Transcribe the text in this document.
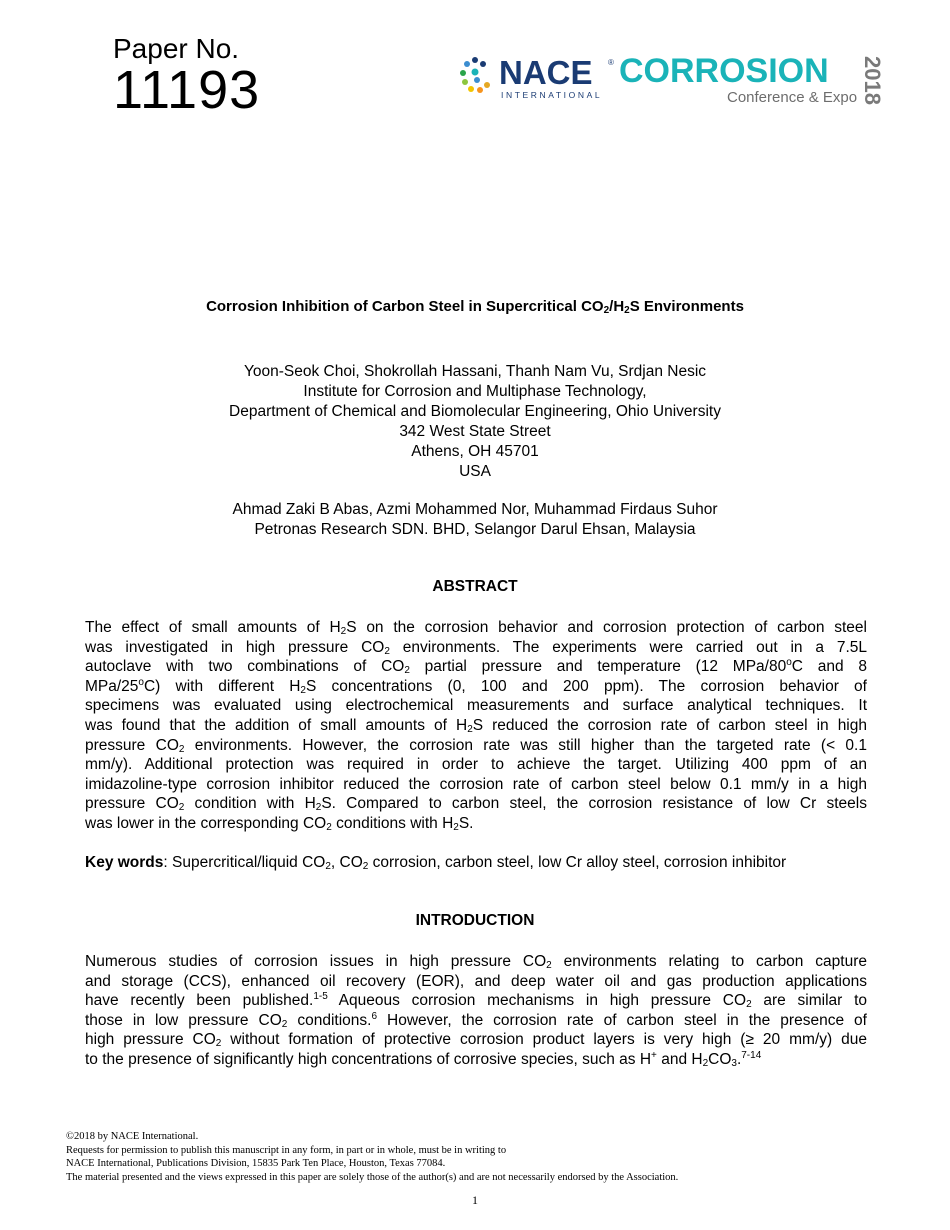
Paper No.
11193	NACE ®
INTERNATIONAL
CORROSION
Conference & Expo 2018
Corrosion Inhibition of Carbon Steel in Supercritical $CO_2/H_2S$ Environments
Yoon-Seok Choi, Shokrollah Hassani, Thanh Nam Vu, Srdjan Nesic
Institute for Corrosion and Multiphase Technology,
Department of Chemical and Biomolecular Engineering, Ohio University
342 West State Street
Athens, OH 45701
USA
Ahmad Zaki B Abas, Azmi Mohammed Nor, Muhammad Firdaus Suhor
Petronas Research SDN. BHD, Selangor Darul Ehsan, Malaysia
ABSTRACT
The effect of small amounts of $H_2S$ on the corrosion behavior and corrosion protection of carbon steel
was investigated in high pressure $CO_2$ environments. The experiments were carried out in a 7.5L
autoclave with two combinations of $CO_2$ partial pressure and temperature (12 MPa/80$^o$C and 8
MPa/25$^o$C) with different $H_2S$ concentrations (0, 100 and 200 ppm). The corrosion behavior of
specimens was evaluated using electrochemical measurements and surface analytical techniques. It
was found that the addition of small amounts of $H_2S$ reduced the corrosion rate of carbon steel in high
pressure $CO_2$ environments. However, the corrosion rate was still higher than the targeted rate (< 0.1
mm/y). Additional protection was required in order to achieve the target. Utilizing 400 ppm of an
imidazoline-type corrosion inhibitor reduced the corrosion rate of carbon steel below 0.1 mm/y in a high
pressure $CO_2$ condition with $H_2S$. Compared to carbon steel, the corrosion resistance of low Cr steels
was lower in the corresponding $CO_2$ conditions with $H_2S$.
Key words: Supercritical/liquid $CO_2$, $CO_2$ corrosion, carbon steel, low Cr alloy steel, corrosion inhibitor
INTRODUCTION
Numerous studies of corrosion issues in high pressure $CO_2$ environments relating to carbon capture
and storage (CCS), enhanced oil recovery (EOR), and deep water oil and gas production applications
have recently been published.$^{1-5}$ Aqueous corrosion mechanisms in high pressure $CO_2$ are similar to
those in low pressure $CO_2$ conditions.$^6$ However, the corrosion rate of carbon steel in the presence of
high pressure $CO_2$ without formation of protective corrosion product layers is very high (≥ 20 mm/y) due
to the presence of significantly high concentrations of corrosive species, such as H+ and $H_2CO_3.^{7-14}$
©2018 by NACE International.
Requests for permission to publish this manuscript in any form, in part or in whole, must be in writing to
NACE International, Publications Division, 15835 Park Ten Place, Houston, Texas 77084.
The material presented and the views expressed in this paper are solely those of the author(s) and are not necessarily endorsed by the Association.
1
